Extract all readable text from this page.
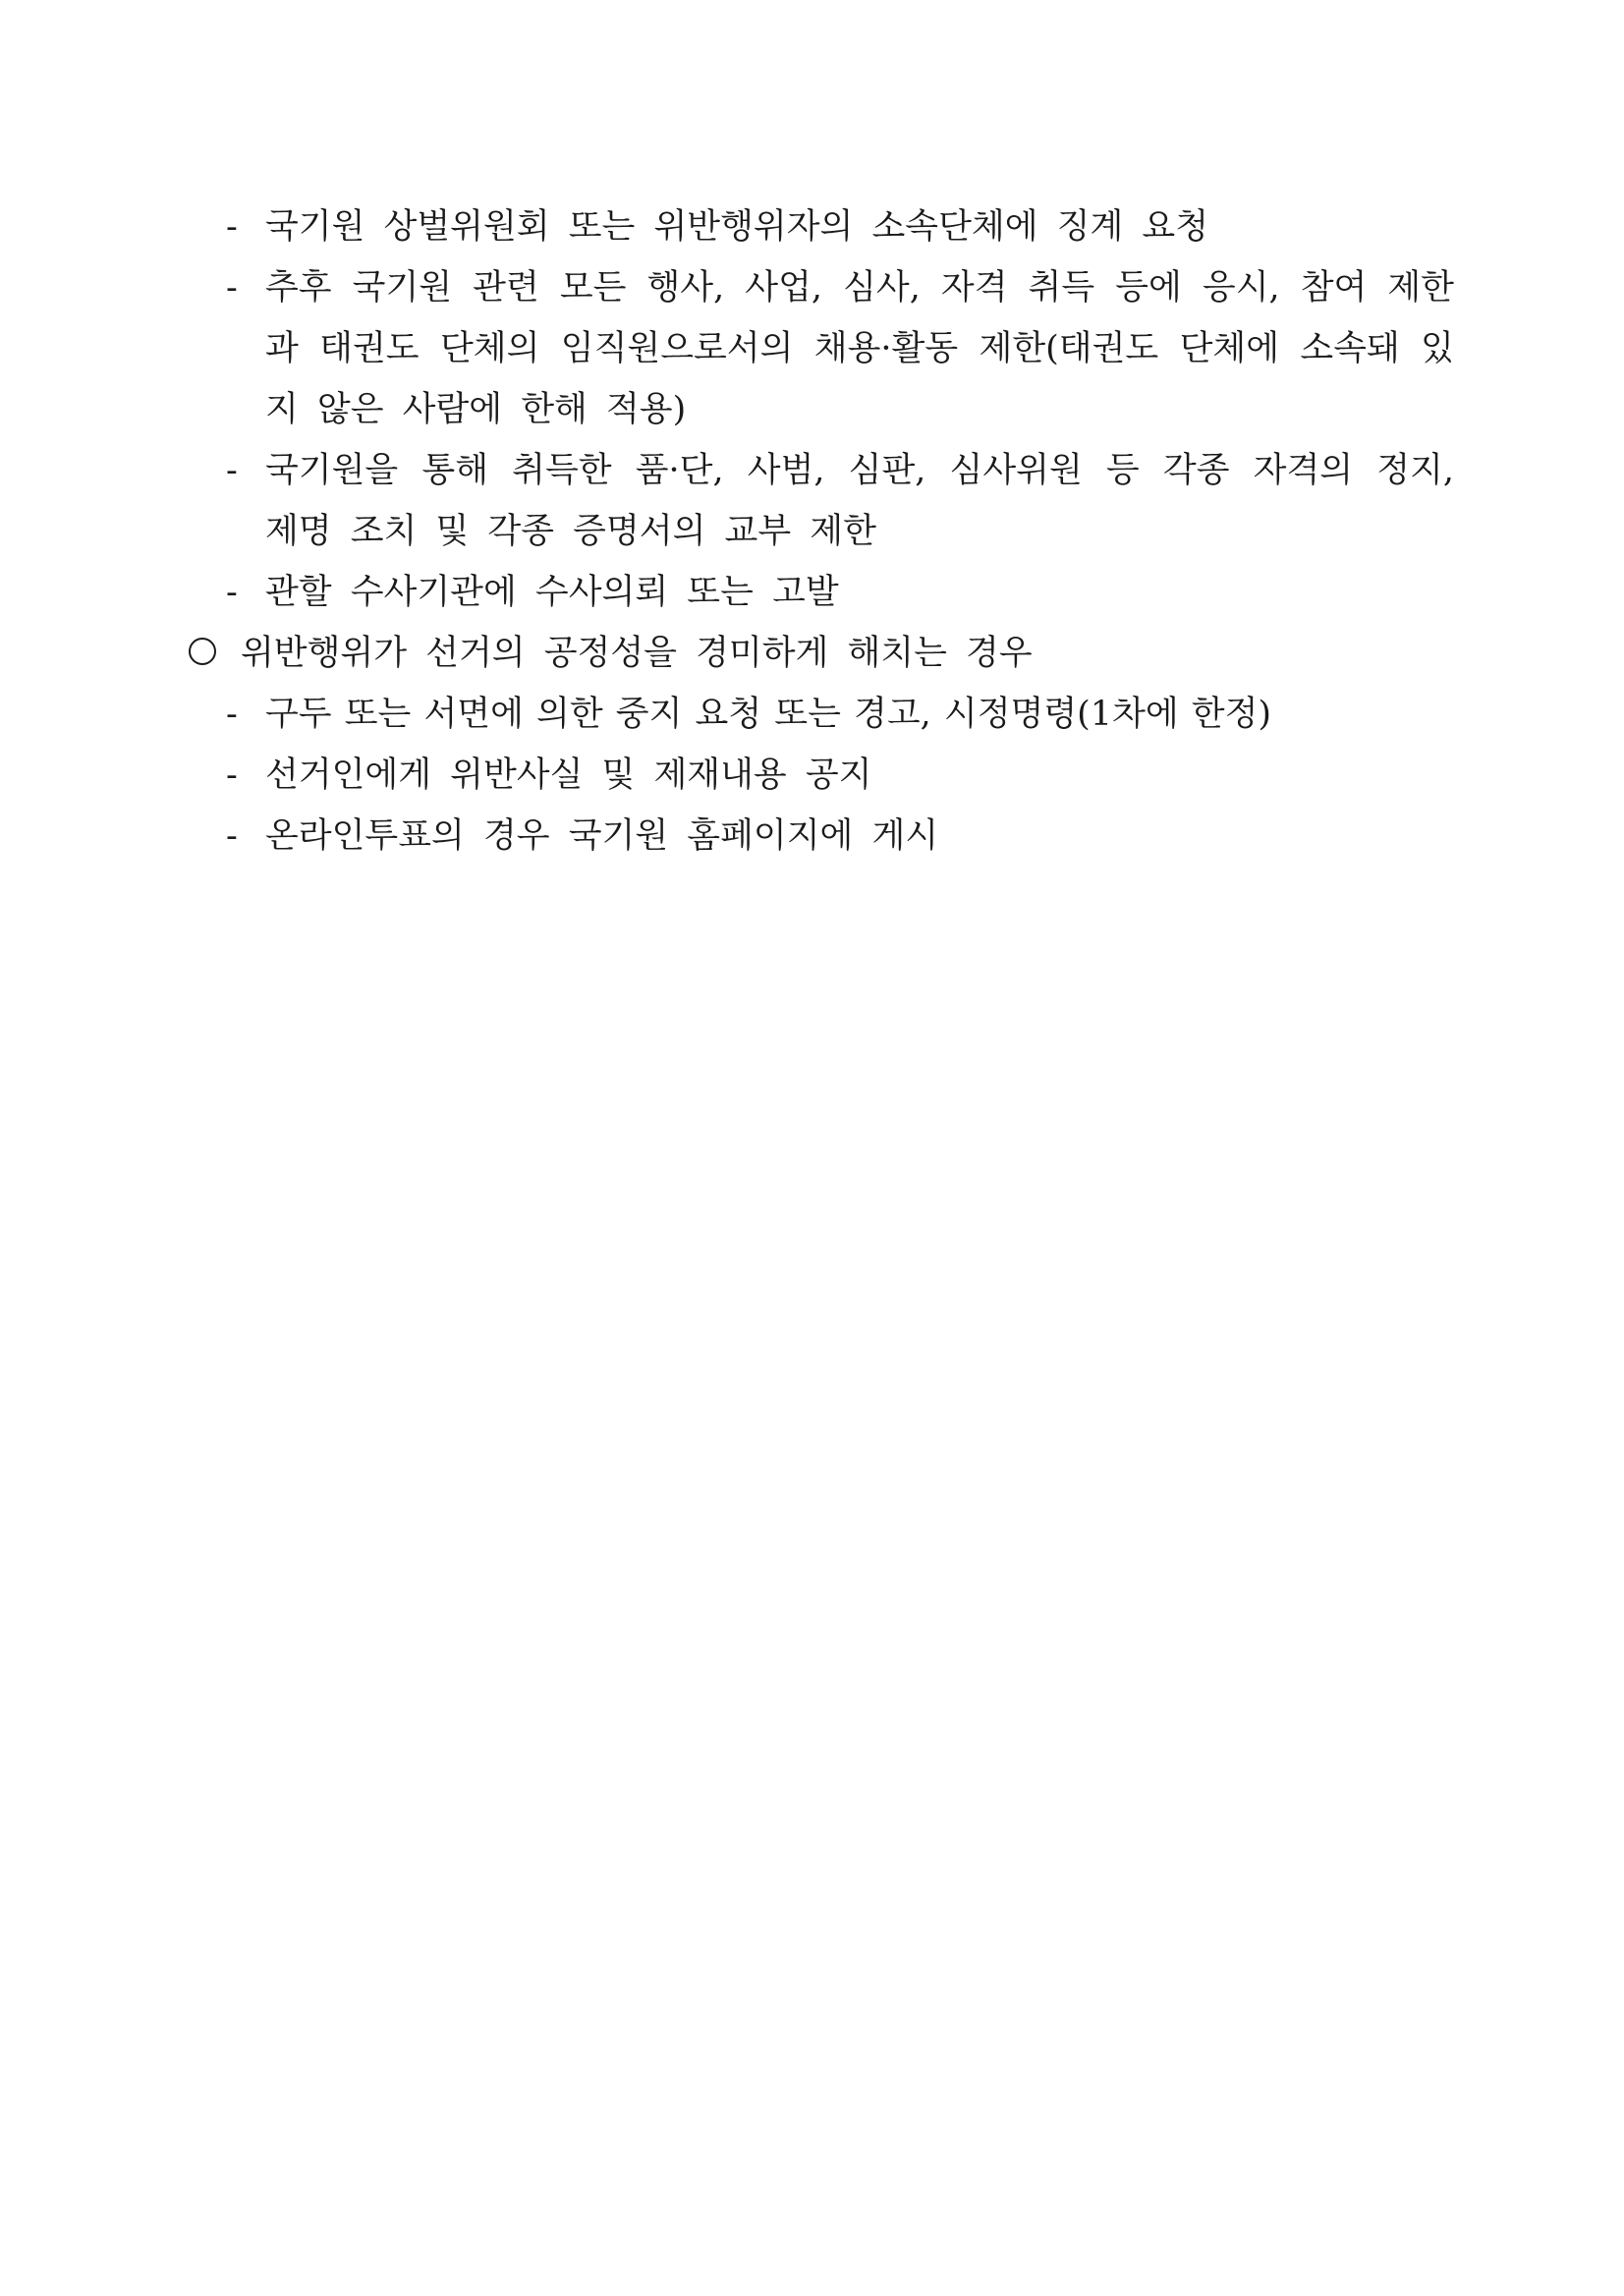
- 국기원 상벌위원회 또는 위반행위자의 소속단체에 징계 요청
- 추후 국기원 관련 모든 행사, 사업, 심사, 자격 취득 등에 응시, 참여 제한과 태권도 단체의 임직원으로서의 채용·활동 제한(태권도 단체에 소속돼 있지 않은 사람에 한해 적용)
- 국기원을 통해 취득한 품·단, 사범, 심판, 심사위원 등 각종 자격의 정지, 제명 조치 및 각종 증명서의 교부 제한
- 관할 수사기관에 수사의뢰 또는 고발
위반행위가 선거의 공정성을 경미하게 해치는 경우
- 구두 또는 서면에 의한 중지 요청 또는 경고, 시정명령(1차에 한정)
- 선거인에게 위반사실 및 제재내용 공지
- 온라인투표의 경우 국기원 홈페이지에 게시
